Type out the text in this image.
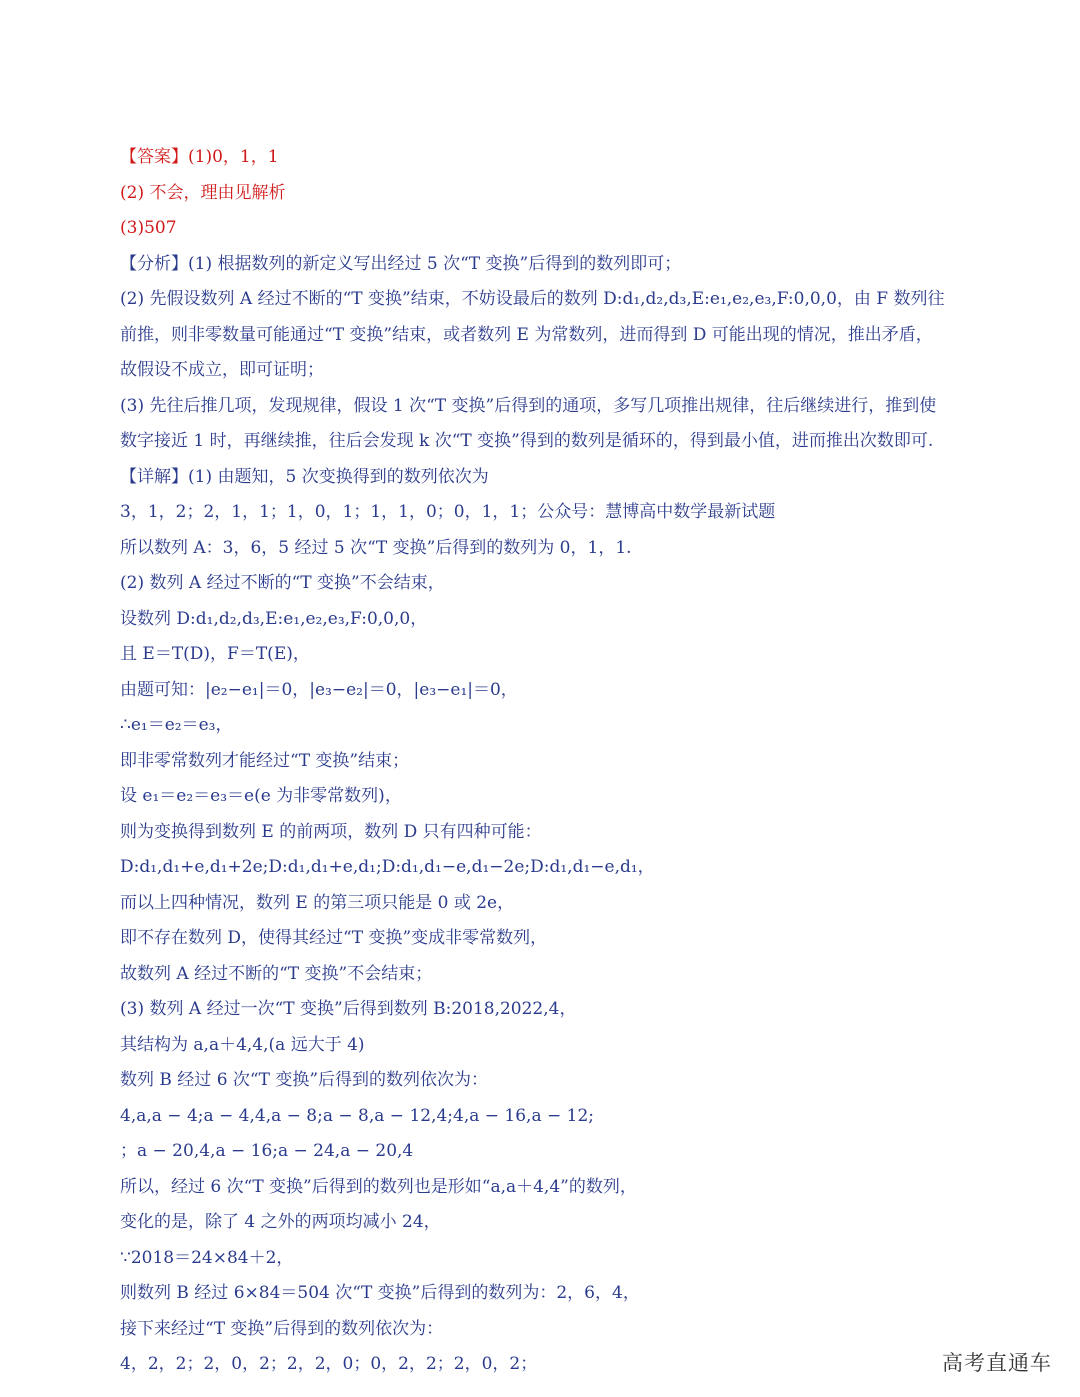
【答案】(1)0，1，1
(2) 不会，理由见解析
(3)507
【分析】(1) 根据数列的新定义写出经过 5 次“T 变换”后得到的数列即可；
(2) 先假设数列 A 经过不断的“T 变换”结束，不妨设最后的数列 D:d₁,d₂,d₃,E:e₁,e₂,e₃,F:0,0,0，由 F 数列往
前推，则非零数量可能通过“T 变换”结束，或者数列 E 为常数列，进而得到 D 可能出现的情况，推出矛盾，
故假设不成立，即可证明；
(3) 先往后推几项，发现规律，假设 1 次“T 变换”后得到的通项，多写几项推出规律，往后继续进行，推到使
数字接近 1 时，再继续推，往后会发现 k 次“T 变换”得到的数列是循环的，得到最小值，进而推出次数即可.
【详解】(1) 由题知，5 次变换得到的数列依次为
3，1，2；2，1，1；1，0，1；1，1，0；0，1，1；公众号：慧博高中数学最新试题
所以数列 A：3，6，5 经过 5 次“T 变换”后得到的数列为 0，1，1.
(2) 数列 A 经过不断的“T 变换”不会结束，
设数列 D:d₁,d₂,d₃,E:e₁,e₂,e₃,F:0,0,0，
且 E＝T(D)，F＝T(E)，
由题可知：|e₂−e₁|＝0，|e₃−e₂|＝0，|e₃−e₁|＝0，
∴e₁＝e₂＝e₃，
即非零常数列才能经过“T 变换”结束；
设 e₁＝e₂＝e₃＝e(e 为非零常数列)，
则为变换得到数列 E 的前两项，数列 D 只有四种可能：
D:d₁,d₁+e,d₁+2e;D:d₁,d₁+e,d₁;D:d₁,d₁−e,d₁−2e;D:d₁,d₁−e,d₁，
而以上四种情况，数列 E 的第三项只能是 0 或 2e，
即不存在数列 D，使得其经过“T 变换”变成非零常数列，
故数列 A 经过不断的“T 变换”不会结束；
(3) 数列 A 经过一次“T 变换”后得到数列 B:2018,2022,4，
其结构为 a,a＋4,4,(a 远大于 4)
数列 B 经过 6 次“T 变换”后得到的数列依次为：
4,a,a − 4;a − 4,4,a − 8;a − 8,a − 12,4;4,a − 16,a − 12;
；a − 20,4,a − 16;a − 24,a − 20,4
所以，经过 6 次“T 变换”后得到的数列也是形如“a,a＋4,4”的数列，
变化的是，除了 4 之外的两项均减小 24，
∵2018＝24×84＋2，
则数列 B 经过 6×84＝504 次“T 变换”后得到的数列为：2，6，4，
接下来经过“T 变换”后得到的数列依次为：
4，2，2；2，0，2；2，2，0；0，2，2；2，0，2；	高考直通车
